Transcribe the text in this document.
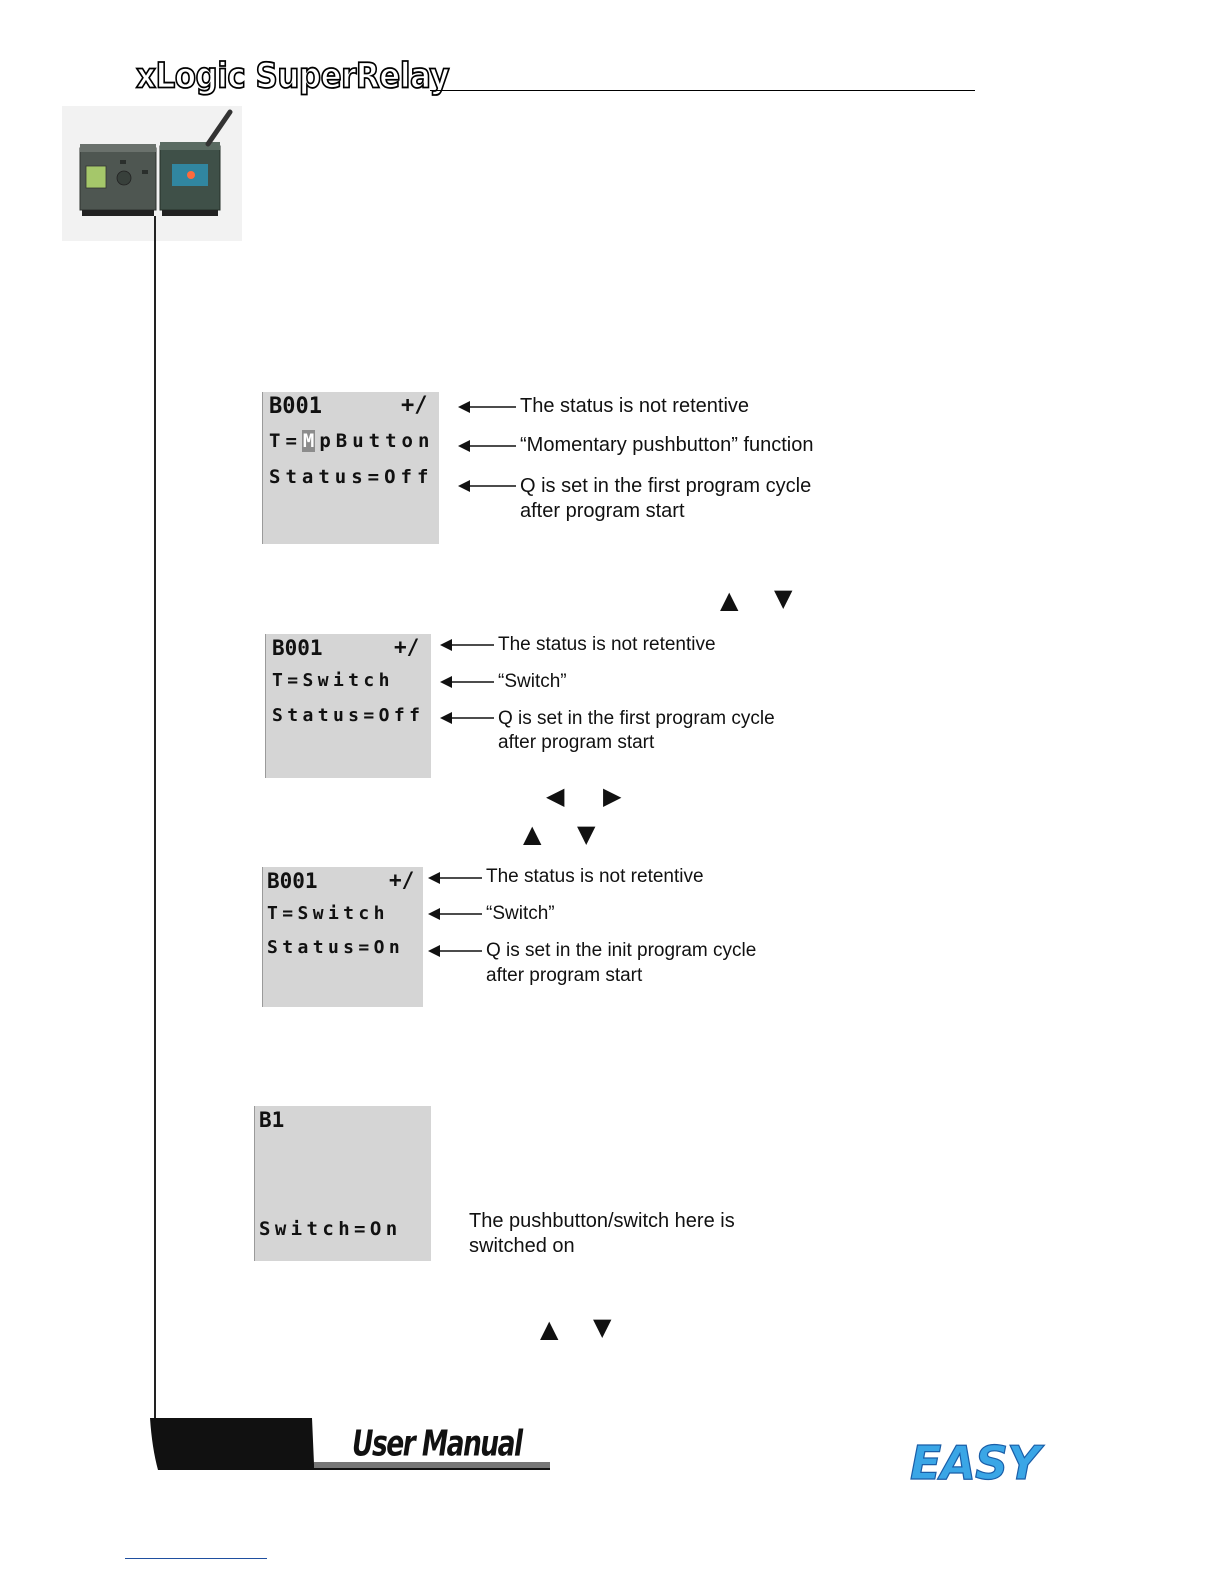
xLogic SuperRelay
B001	+/
T=M pButton
Status=Off
The status is not retentive
“Momentary pushbutton” function
Q is set in the first program cycle
after program start
▲ ▼
B001	+/
T=Switch
Status=Off
The status is not retentive
“Switch”
Q is set in the first program cycle
after program start
◀ ▶
▲ ▼
B001	+/
T=Switch
Status=On
The status is not retentive
“Switch”
Q is set in the init program cycle
after program start
B1
Switch=On	The pushbutton/switch here is
switched on
▲ ▼
User Manual	EASY
